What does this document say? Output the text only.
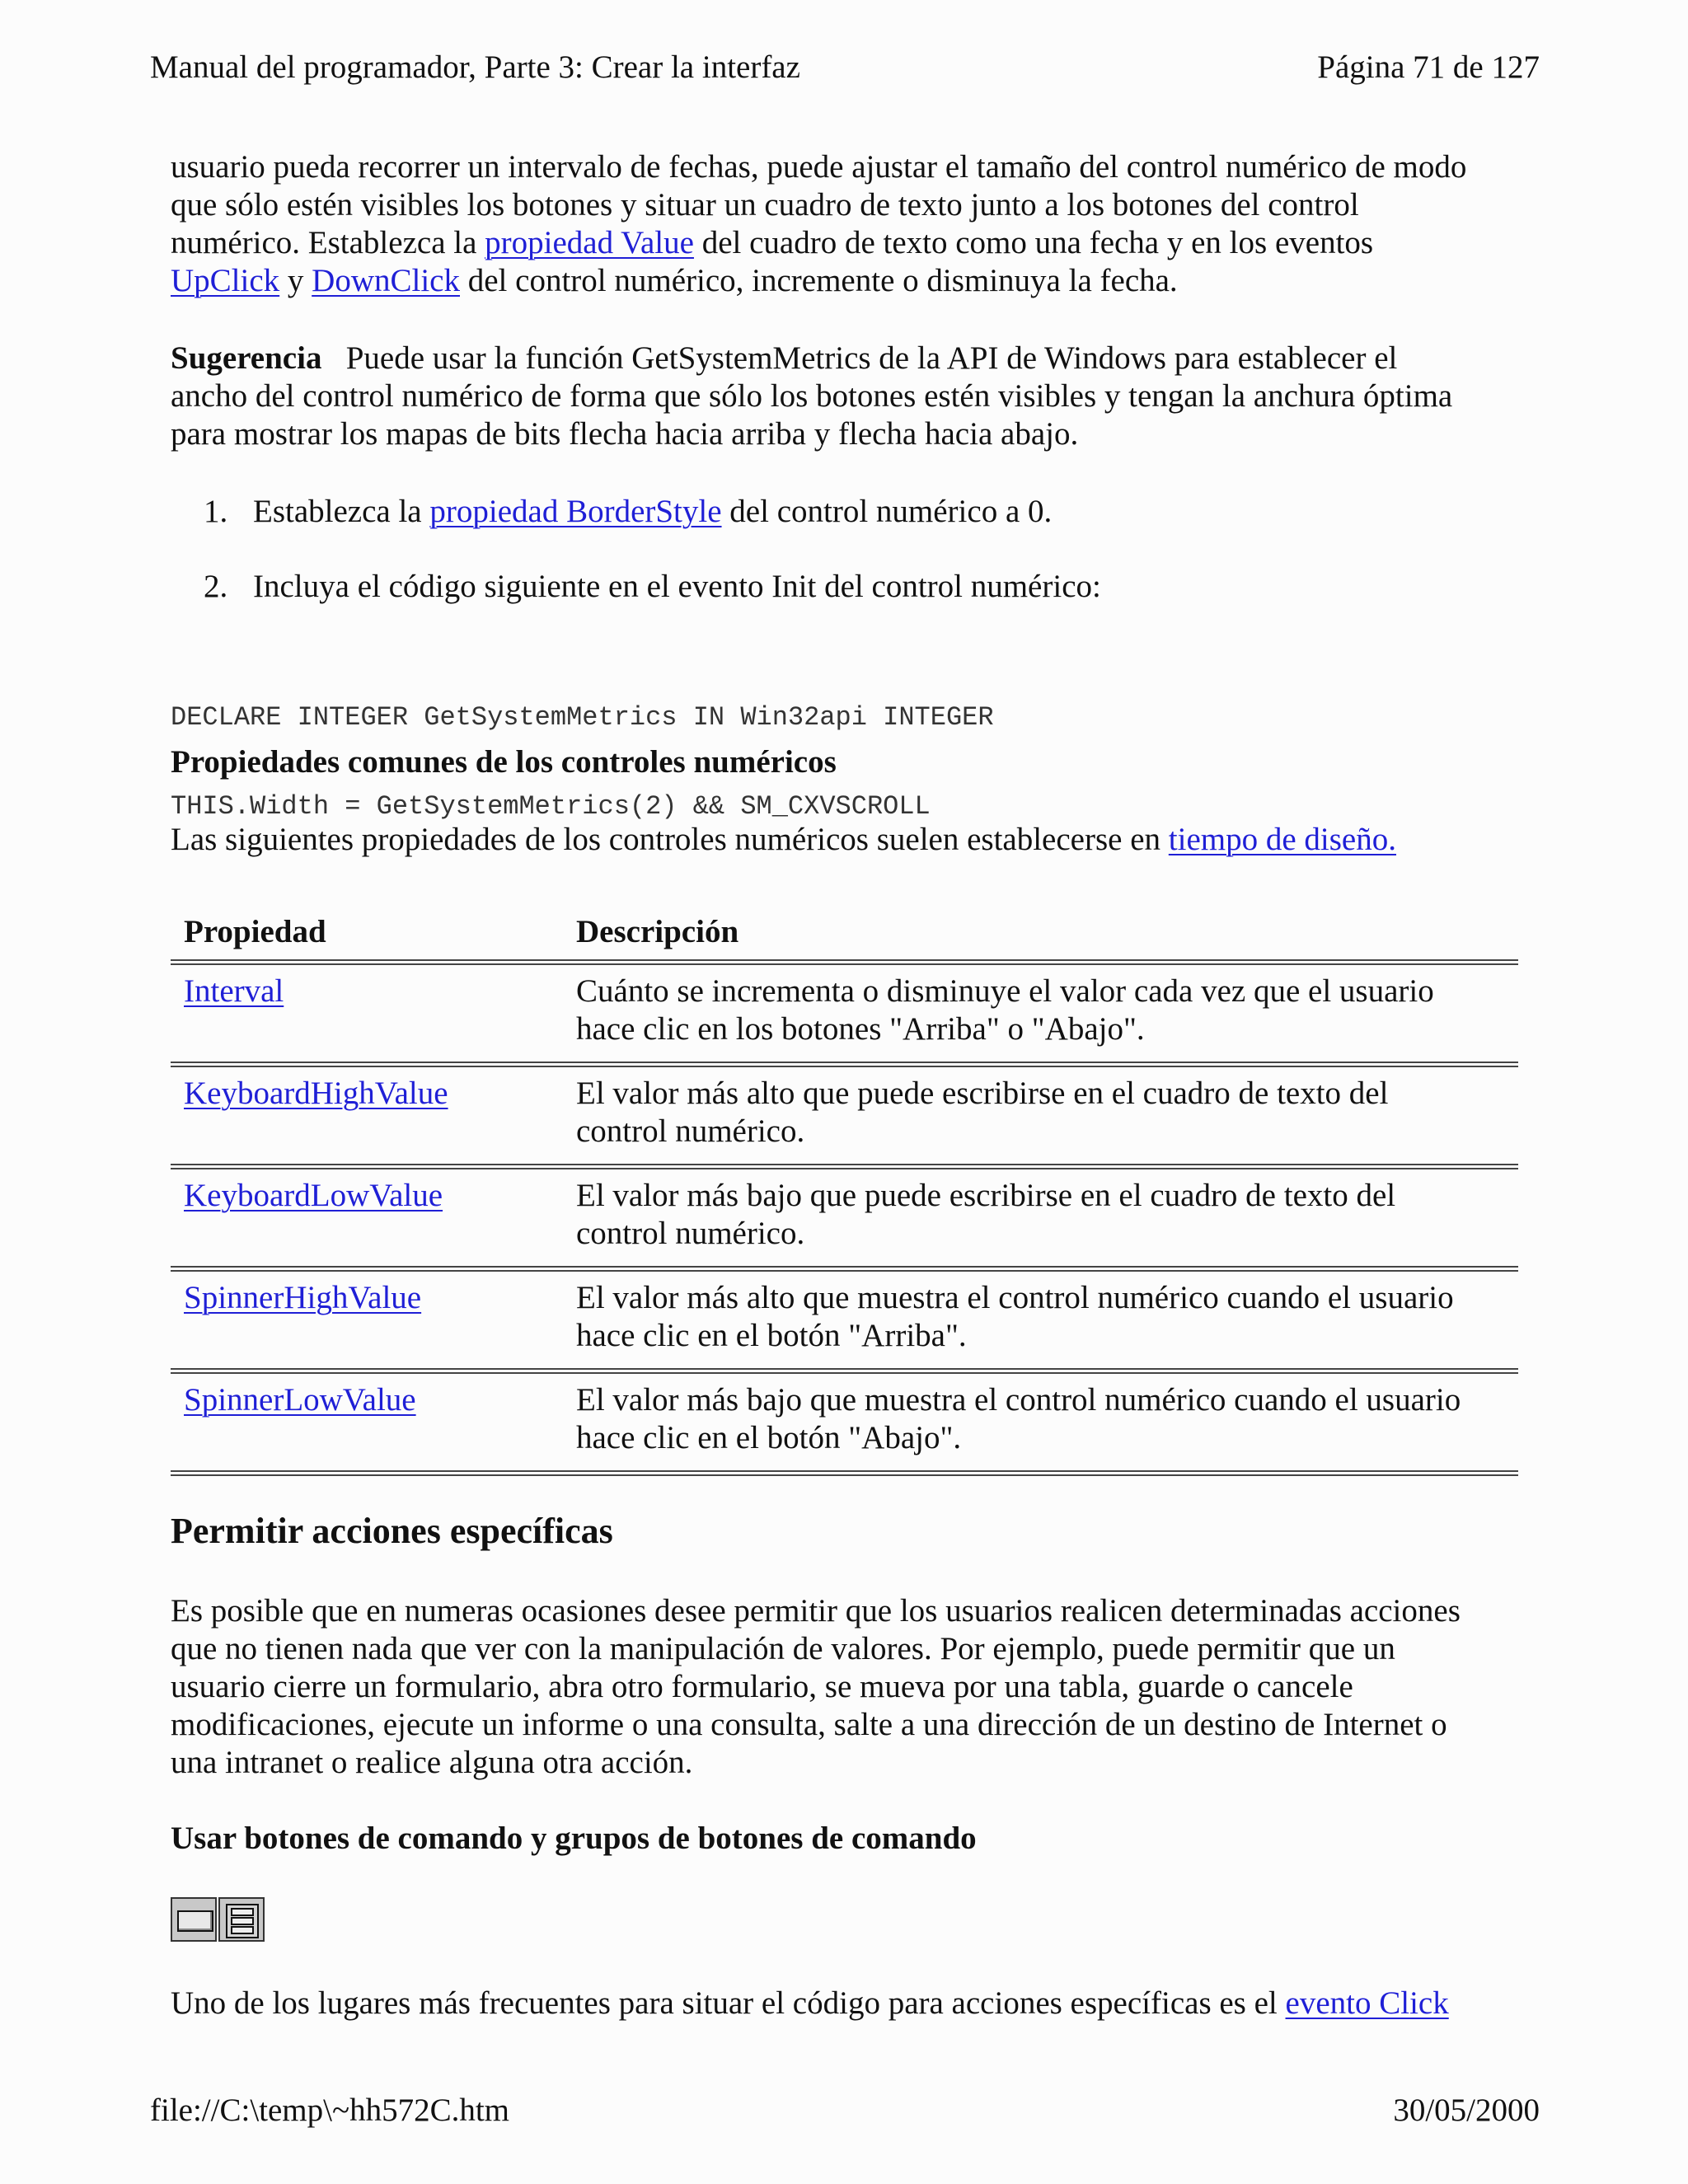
Manual del programador, Parte 3: Crear la interfaz	Página 71 de 127
usuario pueda recorrer un intervalo de fechas, puede ajustar el tamaño del control numérico de modo
que sólo estén visibles los botones y situar un cuadro de texto junto a los botones del control
numérico. Establezca la propiedad Value del cuadro de texto como una fecha y en los eventos
UpClick y DownClick del control numérico, incremente o disminuya la fecha.
Sugerencia   Puede usar la función GetSystemMetrics de la API de Windows para establecer el
ancho del control numérico de forma que sólo los botones estén visibles y tengan la anchura óptima
para mostrar los mapas de bits flecha hacia arriba y flecha hacia abajo.
1. Establezca la propiedad BorderStyle del control numérico a 0.
2. Incluya el código siguiente en el evento Init del control numérico:

DECLARE INTEGER GetSystemMetrics IN Win32api INTEGER

THIS.Width = GetSystemMetrics(2) && SM_CXVSCROLL

Propiedades comunes de los controles numéricos
Las siguientes propiedades de los controles numéricos suelen establecerse en tiempo de diseño.
Propiedad	Descripción
Interval	Cuánto se incrementa o disminuye el valor cada vez que el usuario
hace clic en los botones "Arriba" o "Abajo".
KeyboardHighValue	El valor más alto que puede escribirse en el cuadro de texto del
control numérico.
KeyboardLowValue	El valor más bajo que puede escribirse en el cuadro de texto del
control numérico.
SpinnerHighValue	El valor más alto que muestra el control numérico cuando el usuario
hace clic en el botón "Arriba".
SpinnerLowValue	El valor más bajo que muestra el control numérico cuando el usuario
hace clic en el botón "Abajo".
Permitir acciones específicas
Es posible que en numeras ocasiones desee permitir que los usuarios realicen determinadas acciones
que no tienen nada que ver con la manipulación de valores. Por ejemplo, puede permitir que un
usuario cierre un formulario, abra otro formulario, se mueva por una tabla, guarde o cancele
modificaciones, ejecute un informe o una consulta, salte a una dirección de un destino de Internet o
una intranet o realice alguna otra acción.
Usar botones de comando y grupos de botones de comando
Uno de los lugares más frecuentes para situar el código para acciones específicas es el evento Click
file://C:\temp\~hh572C.htm	30/05/2000
